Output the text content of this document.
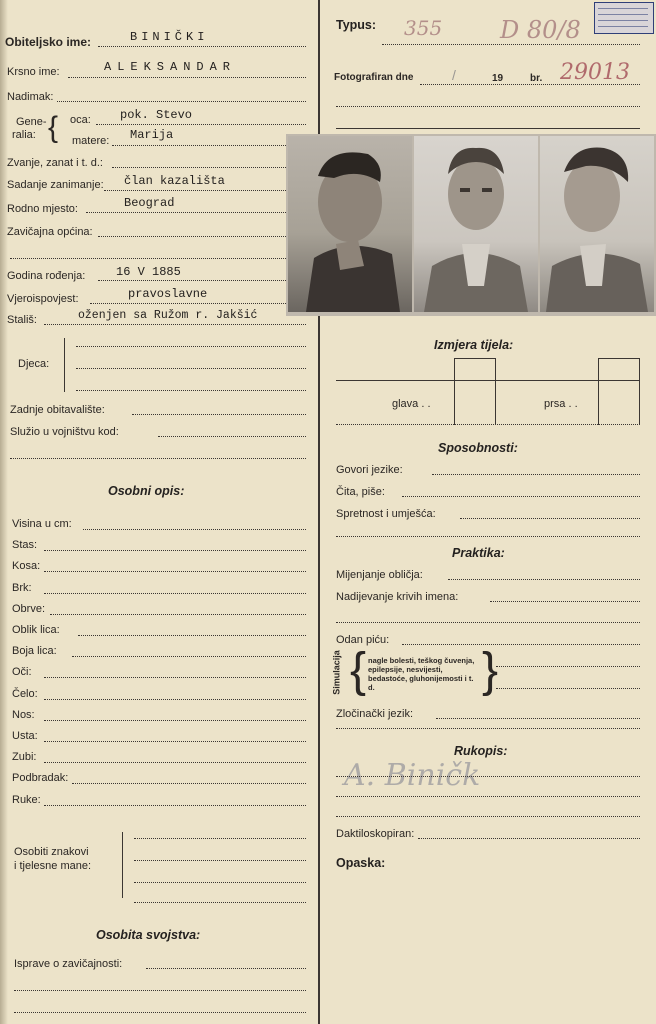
Obiteljsko ime:	BINIČKI
Krsno ime:	ALEKSANDAR
Nadimak:
Gene-
ralia: { oca: pok. Stevo
matere: Marija
Zvanje, zanat i t. d.:
Sadanje zanimanje: član kazališta
Rodno mjesto:	Beograd
Zavičajna općina:
Godina rođenja:	16 V 1885
Vjeroispovjest:	pravoslavne
Stališ:	oženjen sa Ružom r. Jakšić
Djeca:
Zadnje obitavalište:
Služio u vojništvu kod:
Osobni opis:
Visina u cm:
Stas:
Kosa:
Brk:
Obrve:
Oblik lica:
Boja lica:
Oči:
Čelo:
Nos:
Usta:
Zubi:
Podbradak:
Ruke:
Osobiti znakovi
i tjelesne mane:
Osobita svojstva:
Isprave o zavičajnosti:
Typus: 355 D 80/8
Fotografiran dne	/	19	br. 29013
Izmjera tijela:
glava . .	prsa . .
Sposobnosti:
Govori jezike:
Čita, piše:
Spretnost i umješća:
Praktika:
Mijenjanje obličja:
Nadijevanje krivih imena:
Odan piću:
Simulacija { nagle bolesti, teškog čuvenja, epilepsije, nesvijesti, bedastoće, gluhonijemosti i t. d.	}
Zločinački jezik:
Rukopis:
A. Biničk
Daktiloskopiran:
Opaska:
